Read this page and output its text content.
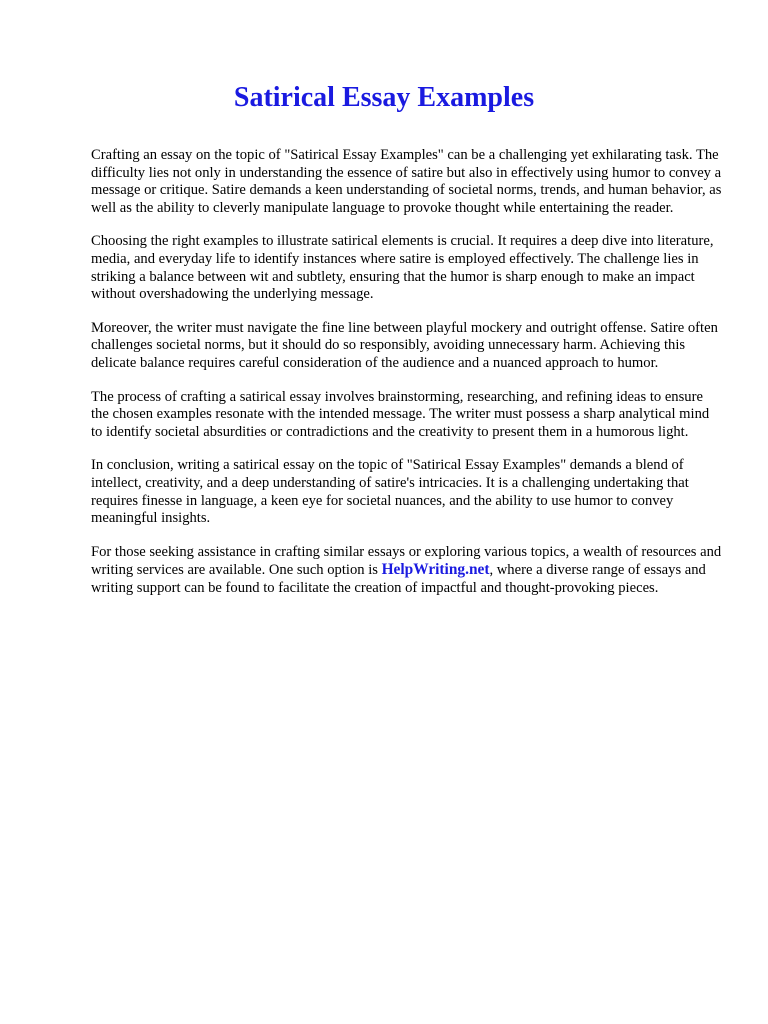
Satirical Essay Examples

Crafting an essay on the topic of "Satirical Essay Examples" can be a challenging yet exhilarating task. The difficulty lies not only in understanding the essence of satire but also in effectively using humor to convey a message or critique. Satire demands a keen understanding of societal norms, trends, and human behavior, as well as the ability to cleverly manipulate language to provoke thought while entertaining the reader.

Choosing the right examples to illustrate satirical elements is crucial. It requires a deep dive into literature, media, and everyday life to identify instances where satire is employed effectively. The challenge lies in striking a balance between wit and subtlety, ensuring that the humor is sharp enough to make an impact without overshadowing the underlying message.

Moreover, the writer must navigate the fine line between playful mockery and outright offense. Satire often challenges societal norms, but it should do so responsibly, avoiding unnecessary harm. Achieving this delicate balance requires careful consideration of the audience and a nuanced approach to humor.

The process of crafting a satirical essay involves brainstorming, researching, and refining ideas to ensure the chosen examples resonate with the intended message. The writer must possess a sharp analytical mind to identify societal absurdities or contradictions and the creativity to present them in a humorous light.

In conclusion, writing a satirical essay on the topic of "Satirical Essay Examples" demands a blend of intellect, creativity, and a deep understanding of satire's intricacies. It is a challenging undertaking that requires finesse in language, a keen eye for societal nuances, and the ability to use humor to convey meaningful insights.

For those seeking assistance in crafting similar essays or exploring various topics, a wealth of resources and writing services are available. One such option is HelpWriting.net, where a diverse range of essays and writing support can be found to facilitate the creation of impactful and thought-provoking pieces.
